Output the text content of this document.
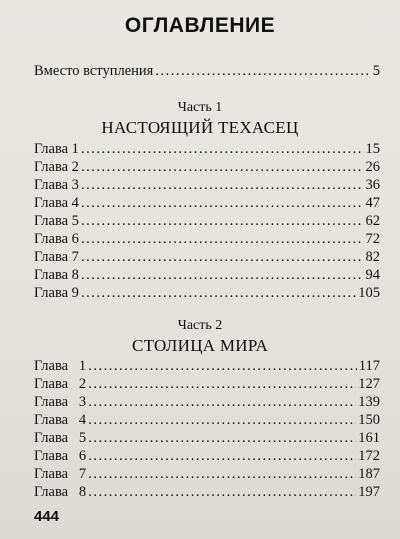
ОГЛАВЛЕНИЕ
Вместо вступления .....	5
Часть 1
НАСТОЯЩИЙ ТЕХАСЕЦ
Глава 1 .....	15
Глава 2 .....	26
Глава 3 .....	36
Глава 4 .....	47
Глава 5 .....	62
Глава 6 .....	72
Глава 7 .....	82
Глава 8 .....	94
Глава 9 .....	105
Часть 2
СТОЛИЦА МИРА
Глава   1 .....	117
Глава   2 .....	127
Глава   3 .....	139
Глава   4 .....	150
Глава   5 .....	161
Глава   6 .....	172
Глава   7 .....	187
Глава   8 .....	197
444
